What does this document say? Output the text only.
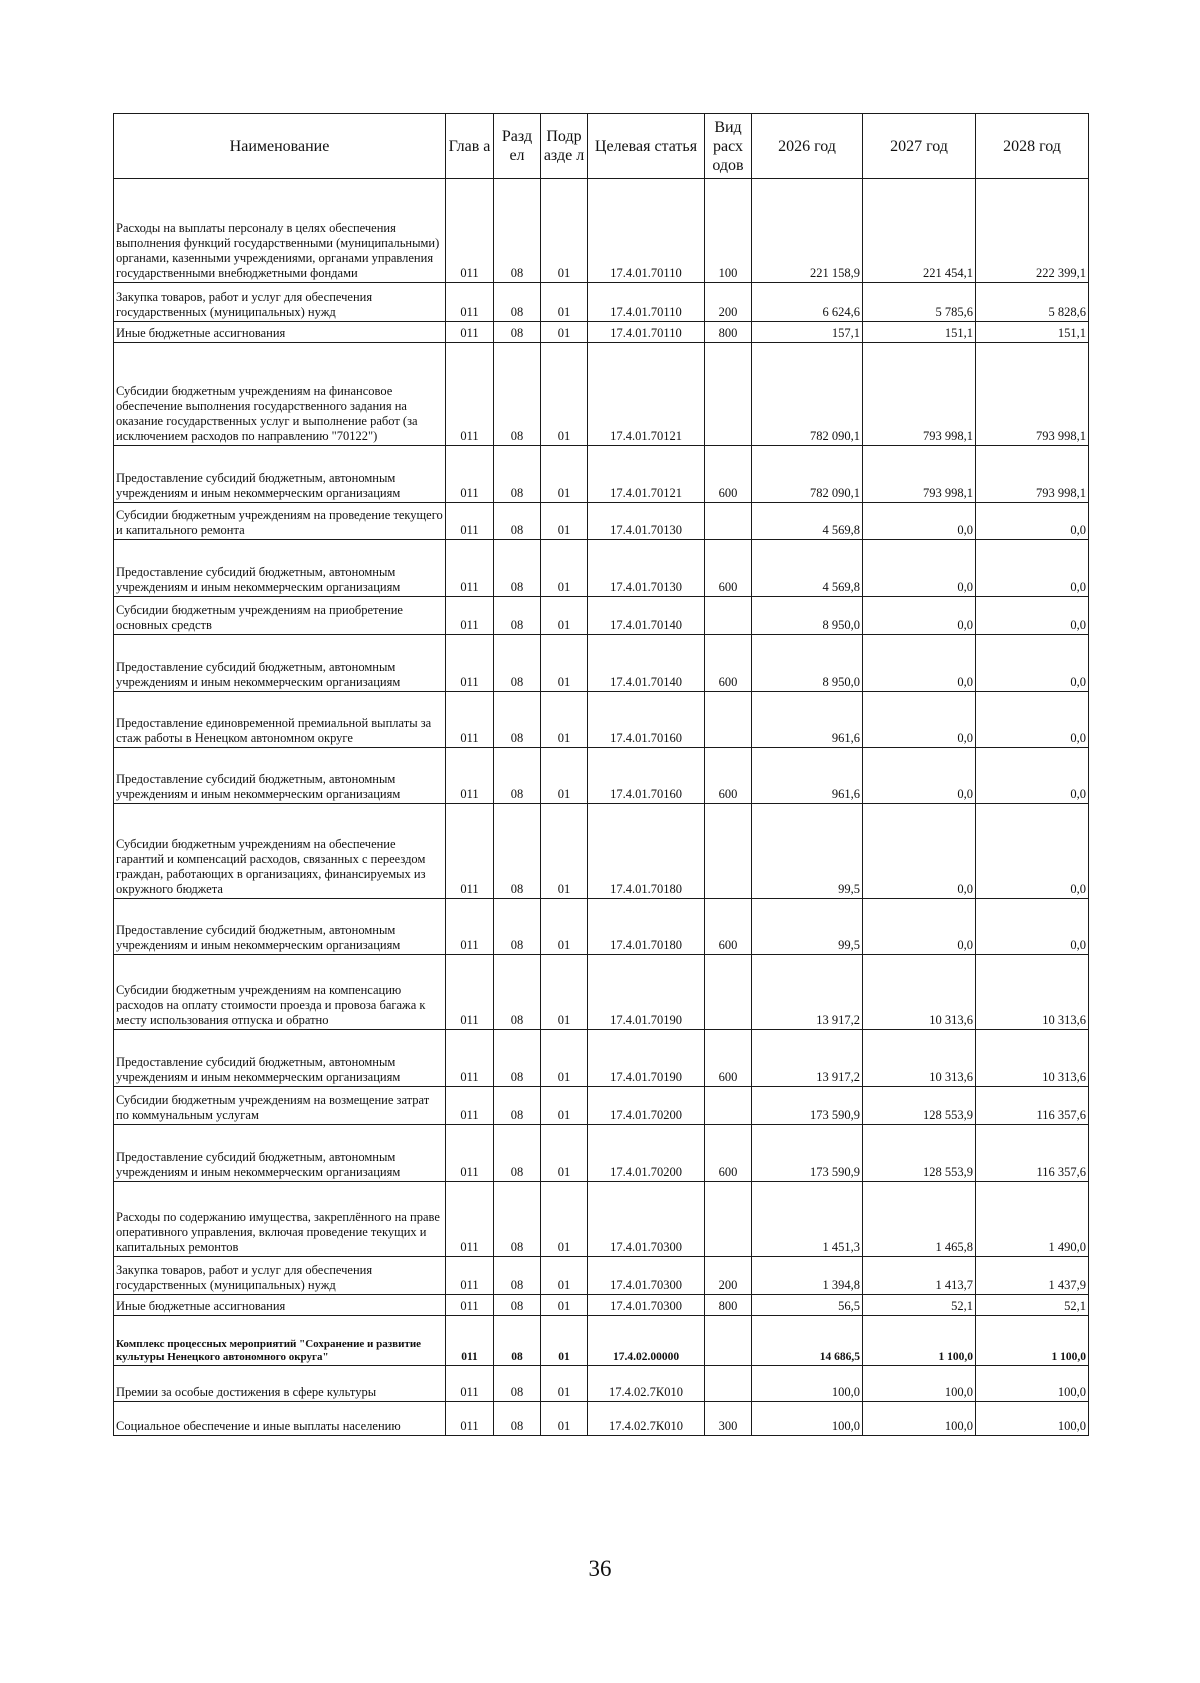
Наименование	Глав а	Разд ел	Подр азде л	Целевая статья	Вид расх одов	2026 год	2027 год	2028 год
Расходы на выплаты персоналу в целях обеспечения выполнения функций государственными (муниципальными) органами, казенными учреждениями, органами управления государственными внебюджетными фондами	011	08	01	17.4.01.70110	100	221 158,9	221 454,1	222 399,1
Закупка товаров, работ и услуг для обеспечения государственных (муниципальных) нужд	011	08	01	17.4.01.70110	200	6 624,6	5 785,6	5 828,6
Иные бюджетные ассигнования	011	08	01	17.4.01.70110	800	157,1	151,1	151,1
Субсидии бюджетным учреждениям на финансовое обеспечение выполнения государственного задания на оказание государственных услуг и выполнение работ (за исключением расходов по направлению "70122")	011	08	01	17.4.01.70121		782 090,1	793 998,1	793 998,1
Предоставление субсидий бюджетным, автономным учреждениям и иным некоммерческим организациям	011	08	01	17.4.01.70121	600	782 090,1	793 998,1	793 998,1
Субсидии бюджетным учреждениям на проведение текущего и капитального ремонта	011	08	01	17.4.01.70130		4 569,8	0,0	0,0
Предоставление субсидий бюджетным, автономным учреждениям и иным некоммерческим организациям	011	08	01	17.4.01.70130	600	4 569,8	0,0	0,0
Субсидии бюджетным учреждениям на приобретение основных средств	011	08	01	17.4.01.70140		8 950,0	0,0	0,0
Предоставление субсидий бюджетным, автономным учреждениям и иным некоммерческим организациям	011	08	01	17.4.01.70140	600	8 950,0	0,0	0,0
Предоставление единовременной премиальной выплаты за стаж работы в Ненецком автономном округе	011	08	01	17.4.01.70160		961,6	0,0	0,0
Предоставление субсидий бюджетным, автономным учреждениям и иным некоммерческим организациям	011	08	01	17.4.01.70160	600	961,6	0,0	0,0
Субсидии бюджетным учреждениям на обеспечение гарантий и компенсаций расходов, связанных с переездом граждан, работающих в организациях, финансируемых из окружного бюджета	011	08	01	17.4.01.70180		99,5	0,0	0,0
Предоставление субсидий бюджетным, автономным учреждениям и иным некоммерческим организациям	011	08	01	17.4.01.70180	600	99,5	0,0	0,0
Субсидии бюджетным учреждениям на компенсацию расходов на оплату стоимости проезда и провоза багажа к месту использования отпуска и обратно	011	08	01	17.4.01.70190		13 917,2	10 313,6	10 313,6
Предоставление субсидий бюджетным, автономным учреждениям и иным некоммерческим организациям	011	08	01	17.4.01.70190	600	13 917,2	10 313,6	10 313,6
Субсидии бюджетным учреждениям на возмещение затрат по коммунальным услугам	011	08	01	17.4.01.70200		173 590,9	128 553,9	116 357,6
Предоставление субсидий бюджетным, автономным учреждениям и иным некоммерческим организациям	011	08	01	17.4.01.70200	600	173 590,9	128 553,9	116 357,6
Расходы по содержанию имущества, закреплённого на праве оперативного управления, включая проведение текущих и капитальных ремонтов	011	08	01	17.4.01.70300		1 451,3	1 465,8	1 490,0
Закупка товаров, работ и услуг для обеспечения государственных (муниципальных) нужд	011	08	01	17.4.01.70300	200	1 394,8	1 413,7	1 437,9
Иные бюджетные ассигнования	011	08	01	17.4.01.70300	800	56,5	52,1	52,1
Комплекс процессных мероприятий "Сохранение и развитие культуры Ненецкого автономного округа"	011	08	01	17.4.02.00000		14 686,5	1 100,0	1 100,0
Премии за особые достижения в сфере культуры	011	08	01	17.4.02.7К010		100,0	100,0	100,0
Социальное обеспечение и иные выплаты населению	011	08	01	17.4.02.7К010	300	100,0	100,0	100,0
36
